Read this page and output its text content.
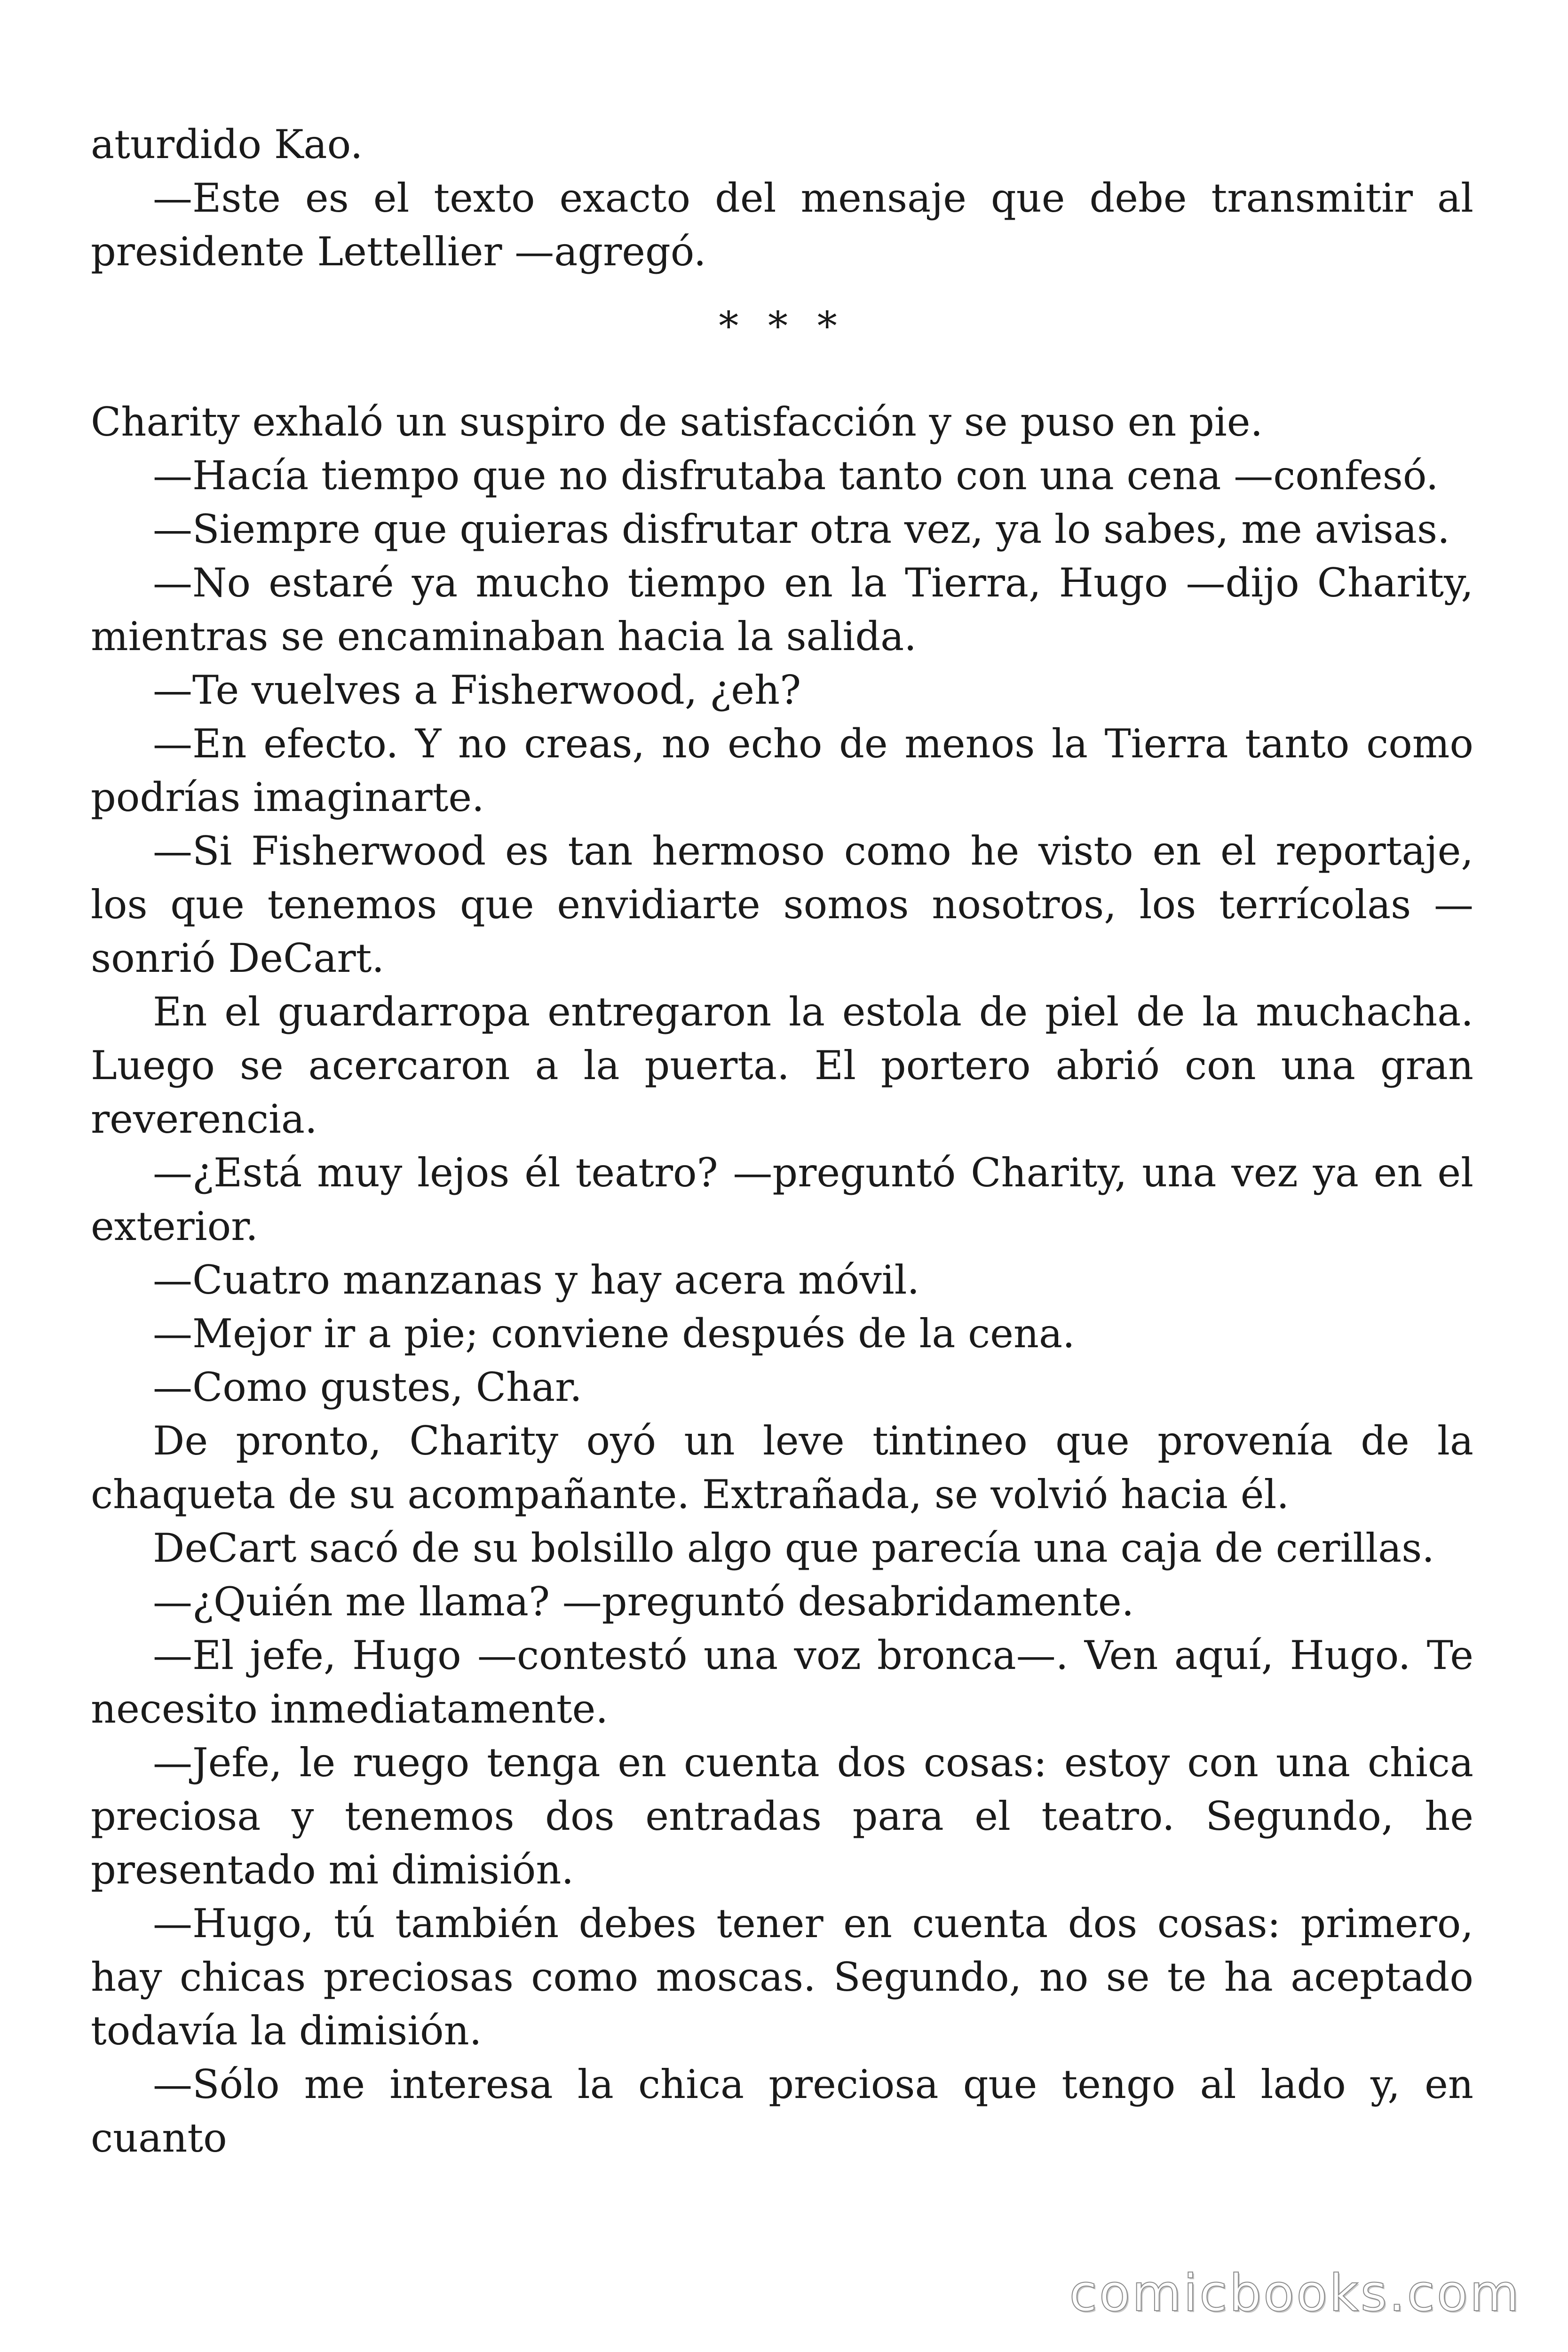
aturdido Kao.

—Este es el texto exacto del mensaje que debe transmitir al presidente Lettellier —agregó.

* * *

Charity exhaló un suspiro de satisfacción y se puso en pie.

—Hacía tiempo que no disfrutaba tanto con una cena —confesó.

—Siempre que quieras disfrutar otra vez, ya lo sabes, me avisas.

—No estaré ya mucho tiempo en la Tierra, Hugo —dijo Charity, mientras se encaminaban hacia la salida.

—Te vuelves a Fisherwood, ¿eh?

—En efecto. Y no creas, no echo de menos la Tierra tanto como podrías imaginarte.

—Si Fisherwood es tan hermoso como he visto en el reportaje, los que tenemos que envidiarte somos nosotros, los terrícolas —sonrió DeCart.

En el guardarropa entregaron la estola de piel de la muchacha. Luego se acercaron a la puerta. El portero abrió con una gran reverencia.

—¿Está muy lejos él teatro? —preguntó Charity, una vez ya en el exterior.

—Cuatro manzanas y hay acera móvil.

—Mejor ir a pie; conviene después de la cena.

—Como gustes, Char.

De pronto, Charity oyó un leve tintineo que provenía de la chaqueta de su acompañante. Extrañada, se volvió hacia él.

DeCart sacó de su bolsillo algo que parecía una caja de cerillas.

—¿Quién me llama? —preguntó desabridamente.

—El jefe, Hugo —contestó una voz bronca—. Ven aquí, Hugo. Te necesito inmediatamente.

—Jefe, le ruego tenga en cuenta dos cosas: estoy con una chica preciosa y tenemos dos entradas para el teatro. Segundo, he presentado mi dimisión.

—Hugo, tú también debes tener en cuenta dos cosas: primero, hay chicas preciosas como moscas. Segundo, no se te ha aceptado todavía la dimisión.

—Sólo me interesa la chica preciosa que tengo al lado y, en cuanto

comicbooks.com
